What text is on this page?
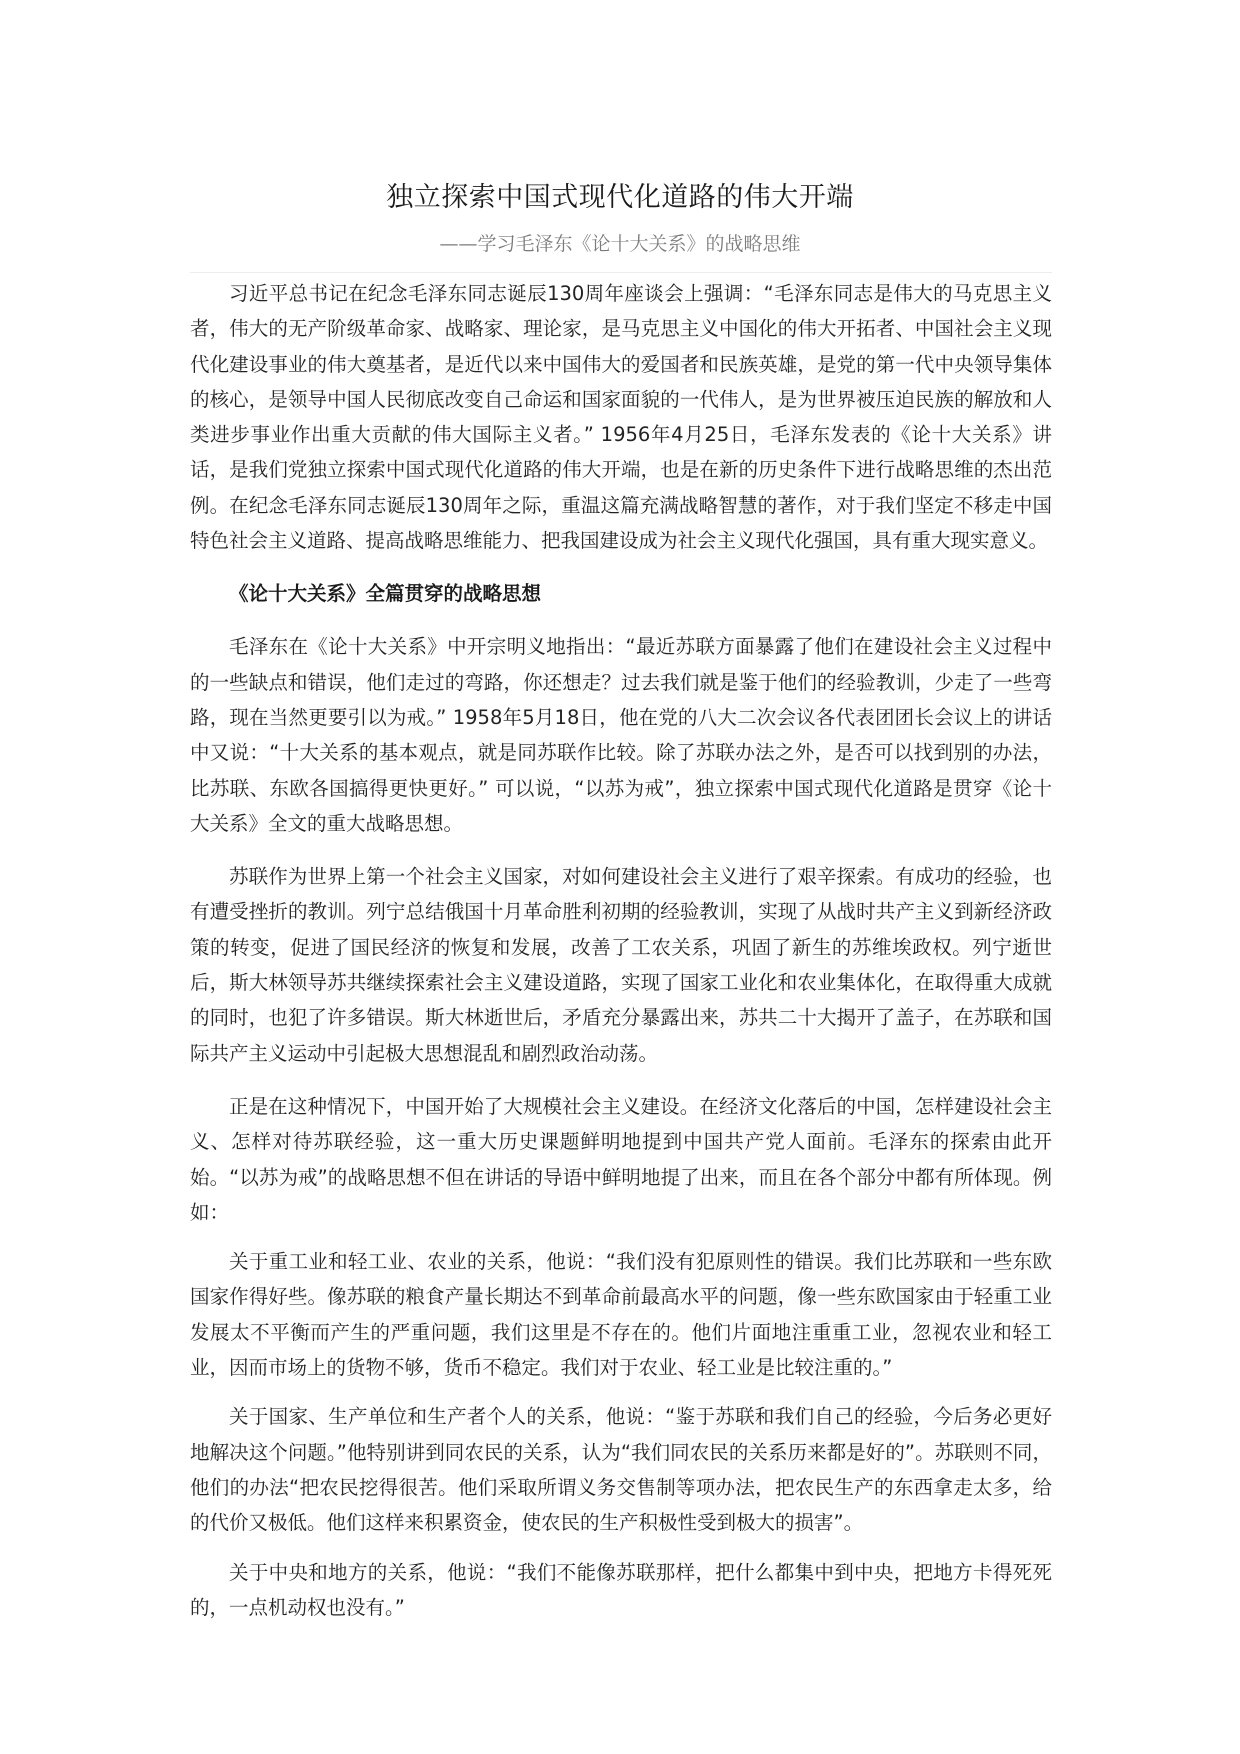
独立探索中国式现代化道路的伟大开端
——学习毛泽东《论十大关系》的战略思维

习近平总书记在纪念毛泽东同志诞辰130周年座谈会上强调：“毛泽东同志是伟大的马克思主义者，伟大的无产阶级革命家、战略家、理论家，是马克思主义中国化的伟大开拓者、中国社会主义现代化建设事业的伟大奠基者，是近代以来中国伟大的爱国者和民族英雄，是党的第一代中央领导集体的核心，是领导中国人民彻底改变自己命运和国家面貌的一代伟人，是为世界被压迫民族的解放和人类进步事业作出重大贡献的伟大国际主义者。” 1956年4月25日，毛泽东发表的《论十大关系》讲话，是我们党独立探索中国式现代化道路的伟大开端，也是在新的历史条件下进行战略思维的杰出范例。在纪念毛泽东同志诞辰130周年之际，重温这篇充满战略智慧的著作，对于我们坚定不移走中国特色社会主义道路、提高战略思维能力、把我国建设成为社会主义现代化强国，具有重大现实意义。

《论十大关系》全篇贯穿的战略思想

毛泽东在《论十大关系》中开宗明义地指出：“最近苏联方面暴露了他们在建设社会主义过程中的一些缺点和错误，他们走过的弯路，你还想走？过去我们就是鉴于他们的经验教训，少走了一些弯路，现在当然更要引以为戒。” 1958年5月18日，他在党的八大二次会议各代表团团长会议上的讲话中又说：“十大关系的基本观点，就是同苏联作比较。除了苏联办法之外，是否可以找到别的办法，比苏联、东欧各国搞得更快更好。” 可以说，“以苏为戒”，独立探索中国式现代化道路是贯穿《论十大关系》全文的重大战略思想。

苏联作为世界上第一个社会主义国家，对如何建设社会主义进行了艰辛探索。有成功的经验，也有遭受挫折的教训。列宁总结俄国十月革命胜利初期的经验教训，实现了从战时共产主义到新经济政策的转变，促进了国民经济的恢复和发展，改善了工农关系，巩固了新生的苏维埃政权。列宁逝世后，斯大林领导苏共继续探索社会主义建设道路，实现了国家工业化和农业集体化，在取得重大成就的同时，也犯了许多错误。斯大林逝世后，矛盾充分暴露出来，苏共二十大揭开了盖子，在苏联和国际共产主义运动中引起极大思想混乱和剧烈政治动荡。

正是在这种情况下，中国开始了大规模社会主义建设。在经济文化落后的中国，怎样建设社会主义、怎样对待苏联经验，这一重大历史课题鲜明地提到中国共产党人面前。毛泽东的探索由此开始。“以苏为戒”的战略思想不但在讲话的导语中鲜明地提了出来，而且在各个部分中都有所体现。例如：

关于重工业和轻工业、农业的关系，他说：“我们没有犯原则性的错误。我们比苏联和一些东欧国家作得好些。像苏联的粮食产量长期达不到革命前最高水平的问题，像一些东欧国家由于轻重工业发展太不平衡而产生的严重问题，我们这里是不存在的。他们片面地注重重工业，忽视农业和轻工业，因而市场上的货物不够，货币不稳定。我们对于农业、轻工业是比较注重的。”

关于国家、生产单位和生产者个人的关系，他说：“鉴于苏联和我们自己的经验，今后务必更好地解决这个问题。”他特别讲到同农民的关系，认为“我们同农民的关系历来都是好的”。苏联则不同，他们的办法“把农民挖得很苦。他们采取所谓义务交售制等项办法，把农民生产的东西拿走太多，给的代价又极低。他们这样来积累资金，使农民的生产积极性受到极大的损害”。

关于中央和地方的关系，他说：“我们不能像苏联那样，把什么都集中到中央，把地方卡得死死的，一点机动权也没有。”
